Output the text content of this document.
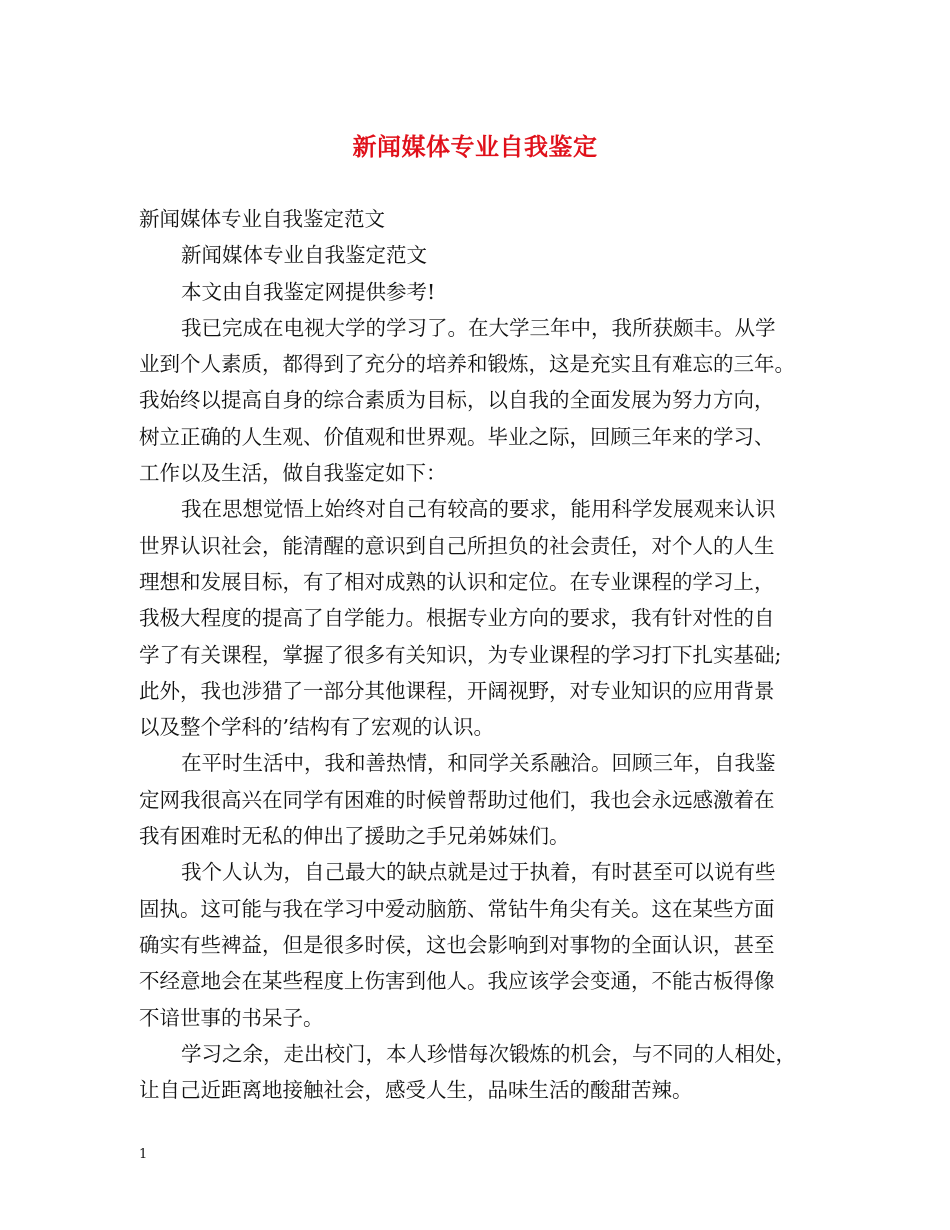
新闻媒体专业自我鉴定
新闻媒体专业自我鉴定范文
新闻媒体专业自我鉴定范文
本文由自我鉴定网提供参考!
我已完成在电视大学的学习了。在大学三年中，我所获颇丰。从学
业到个人素质，都得到了充分的培养和锻炼，这是充实且有难忘的三年。
我始终以提高自身的综合素质为目标，以自我的全面发展为努力方向，
树立正确的人生观、价值观和世界观。毕业之际，回顾三年来的学习、
工作以及生活，做自我鉴定如下：
我在思想觉悟上始终对自己有较高的要求，能用科学发展观来认识
世界认识社会，能清醒的意识到自己所担负的社会责任，对个人的人生
理想和发展目标，有了相对成熟的认识和定位。在专业课程的学习上，
我极大程度的提高了自学能力。根据专业方向的要求，我有针对性的自
学了有关课程，掌握了很多有关知识，为专业课程的学习打下扎实基础;
此外，我也涉猎了一部分其他课程，开阔视野，对专业知识的应用背景
以及整个学科的’结构有了宏观的认识。
在平时生活中，我和善热情，和同学关系融洽。回顾三年，自我鉴
定网我很高兴在同学有困难的时候曾帮助过他们，我也会永远感激着在
我有困难时无私的伸出了援助之手兄弟姊妹们。
我个人认为，自己最大的缺点就是过于执着，有时甚至可以说有些
固执。这可能与我在学习中爱动脑筋、常钻牛角尖有关。这在某些方面
确实有些裨益，但是很多时侯，这也会影响到对事物的全面认识，甚至
不经意地会在某些程度上伤害到他人。我应该学会变通，不能古板得像
不谙世事的书呆子。
学习之余，走出校门，本人珍惜每次锻炼的机会，与不同的人相处，
让自己近距离地接触社会，感受人生，品味生活的酸甜苦辣。
1
